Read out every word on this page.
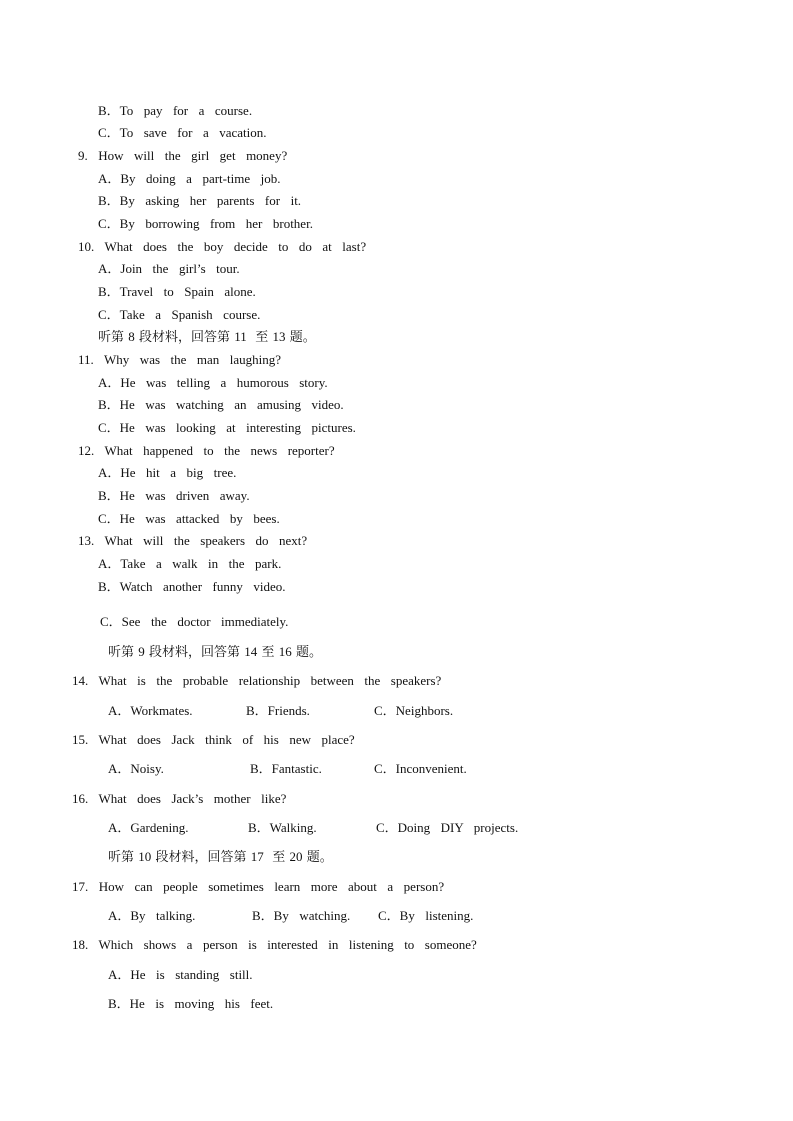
B．To  pay  for  a  course.
C．To  save  for  a  vacation.
9.  How  will  the  girl  get  money?
A．By  doing  a  part-time  job.
B．By  asking  her  parents  for  it.
C．By  borrowing  from  her  brother.
10.  What  does  the  boy  decide  to  do  at  last?
A．Join  the  girl’s  tour.
B．Travel  to  Spain  alone.
C．Take  a  Spanish  course.
听第 8 段材料，回答第 11  至 13 题。
11.  Why  was  the  man  laughing?
A．He  was  telling  a  humorous  story.
B．He  was  watching  an  amusing  video.
C．He  was  looking  at  interesting  pictures.
12.  What  happened  to  the  news  reporter?
A．He  hit  a  big  tree.
B．He  was  driven  away.
C．He  was  attacked  by  bees.
13.  What  will  the  speakers  do  next?
A．Take  a  walk  in  the  park.
B．Watch  another  funny  video.
C．See  the  doctor  immediately.
听第 9 段材料，回答第 14 至 16 题。
14.  What  is  the  probable  relationship  between  the  speakers?
A．Workmates.	B．Friends.	C．Neighbors.
15.  What  does  Jack  think  of  his  new  place?
A．Noisy.	B．Fantastic.	C．Inconvenient.
16.  What  does  Jack’s  mother  like?
A．Gardening.	B．Walking.	C．Doing  DIY  projects.
听第 10 段材料，回答第 17  至 20 题。
17.  How  can  people  sometimes  learn  more  about  a  person?
A．By  talking.	B．By  watching. C．By  listening.
18.  Which  shows  a  person  is  interested  in  listening  to  someone?
A．He  is  standing  still.
B．He  is  moving  his  feet.
